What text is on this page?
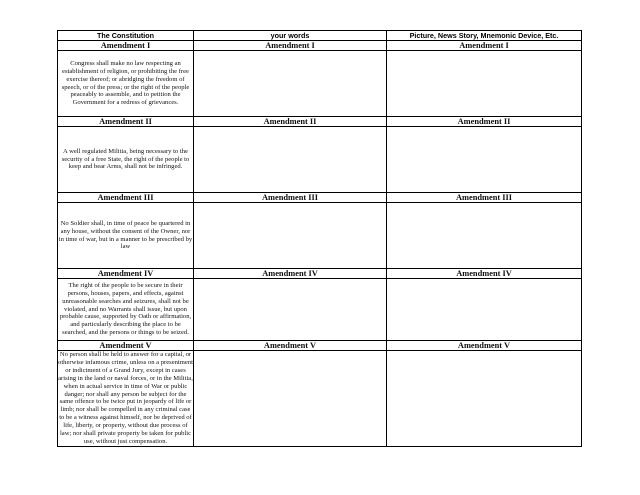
The Constitution	your words	Picture, News Story, Mnemonic Device, Etc.
Amendment I	Amendment I	Amendment I
Congress shall make no law respecting an establishment of religion, or prohibiting the free exercise thereof; or abridging the freedom of speech, or of the press; or the right of the people peaceably to assemble, and to petition the Government for a redress of grievances.		
Amendment II	Amendment II	Amendment II
A well regulated Militia, being necessary to the security of a free State, the right of the people to keep and bear Arms, shall not be infringed.		
Amendment III	Amendment III	Amendment III
No Soldier shall, in time of peace be quartered in any house, without the consent of the Owner, nor in time of war, but in a manner to be prescribed by law		
Amendment IV	Amendment IV	Amendment IV
The right of the people to be secure in their persons, houses, papers, and effects, against unreasonable searches and seizures, shall not be violated, and no Warrants shall issue, but upon probable cause, supported by Oath or affirmation, and particularly describing the place to be searched, and the persons or things to be seized.		
Amendment V	Amendment V	Amendment V
No person shall be held to answer for a capital, or otherwise infamous crime, unless on a presentment or indictment of a Grand Jury, except in cases arising in the land or naval forces, or in the Militia, when in actual service in time of War or public danger; nor shall any person be subject for the same offence to be twice put in jeopardy of life or limb; nor shall be compelled in any criminal case to be a witness against himself, nor be deprived of life, liberty, or property, without due process of law; nor shall private property be taken for public use, without just compensation.		
